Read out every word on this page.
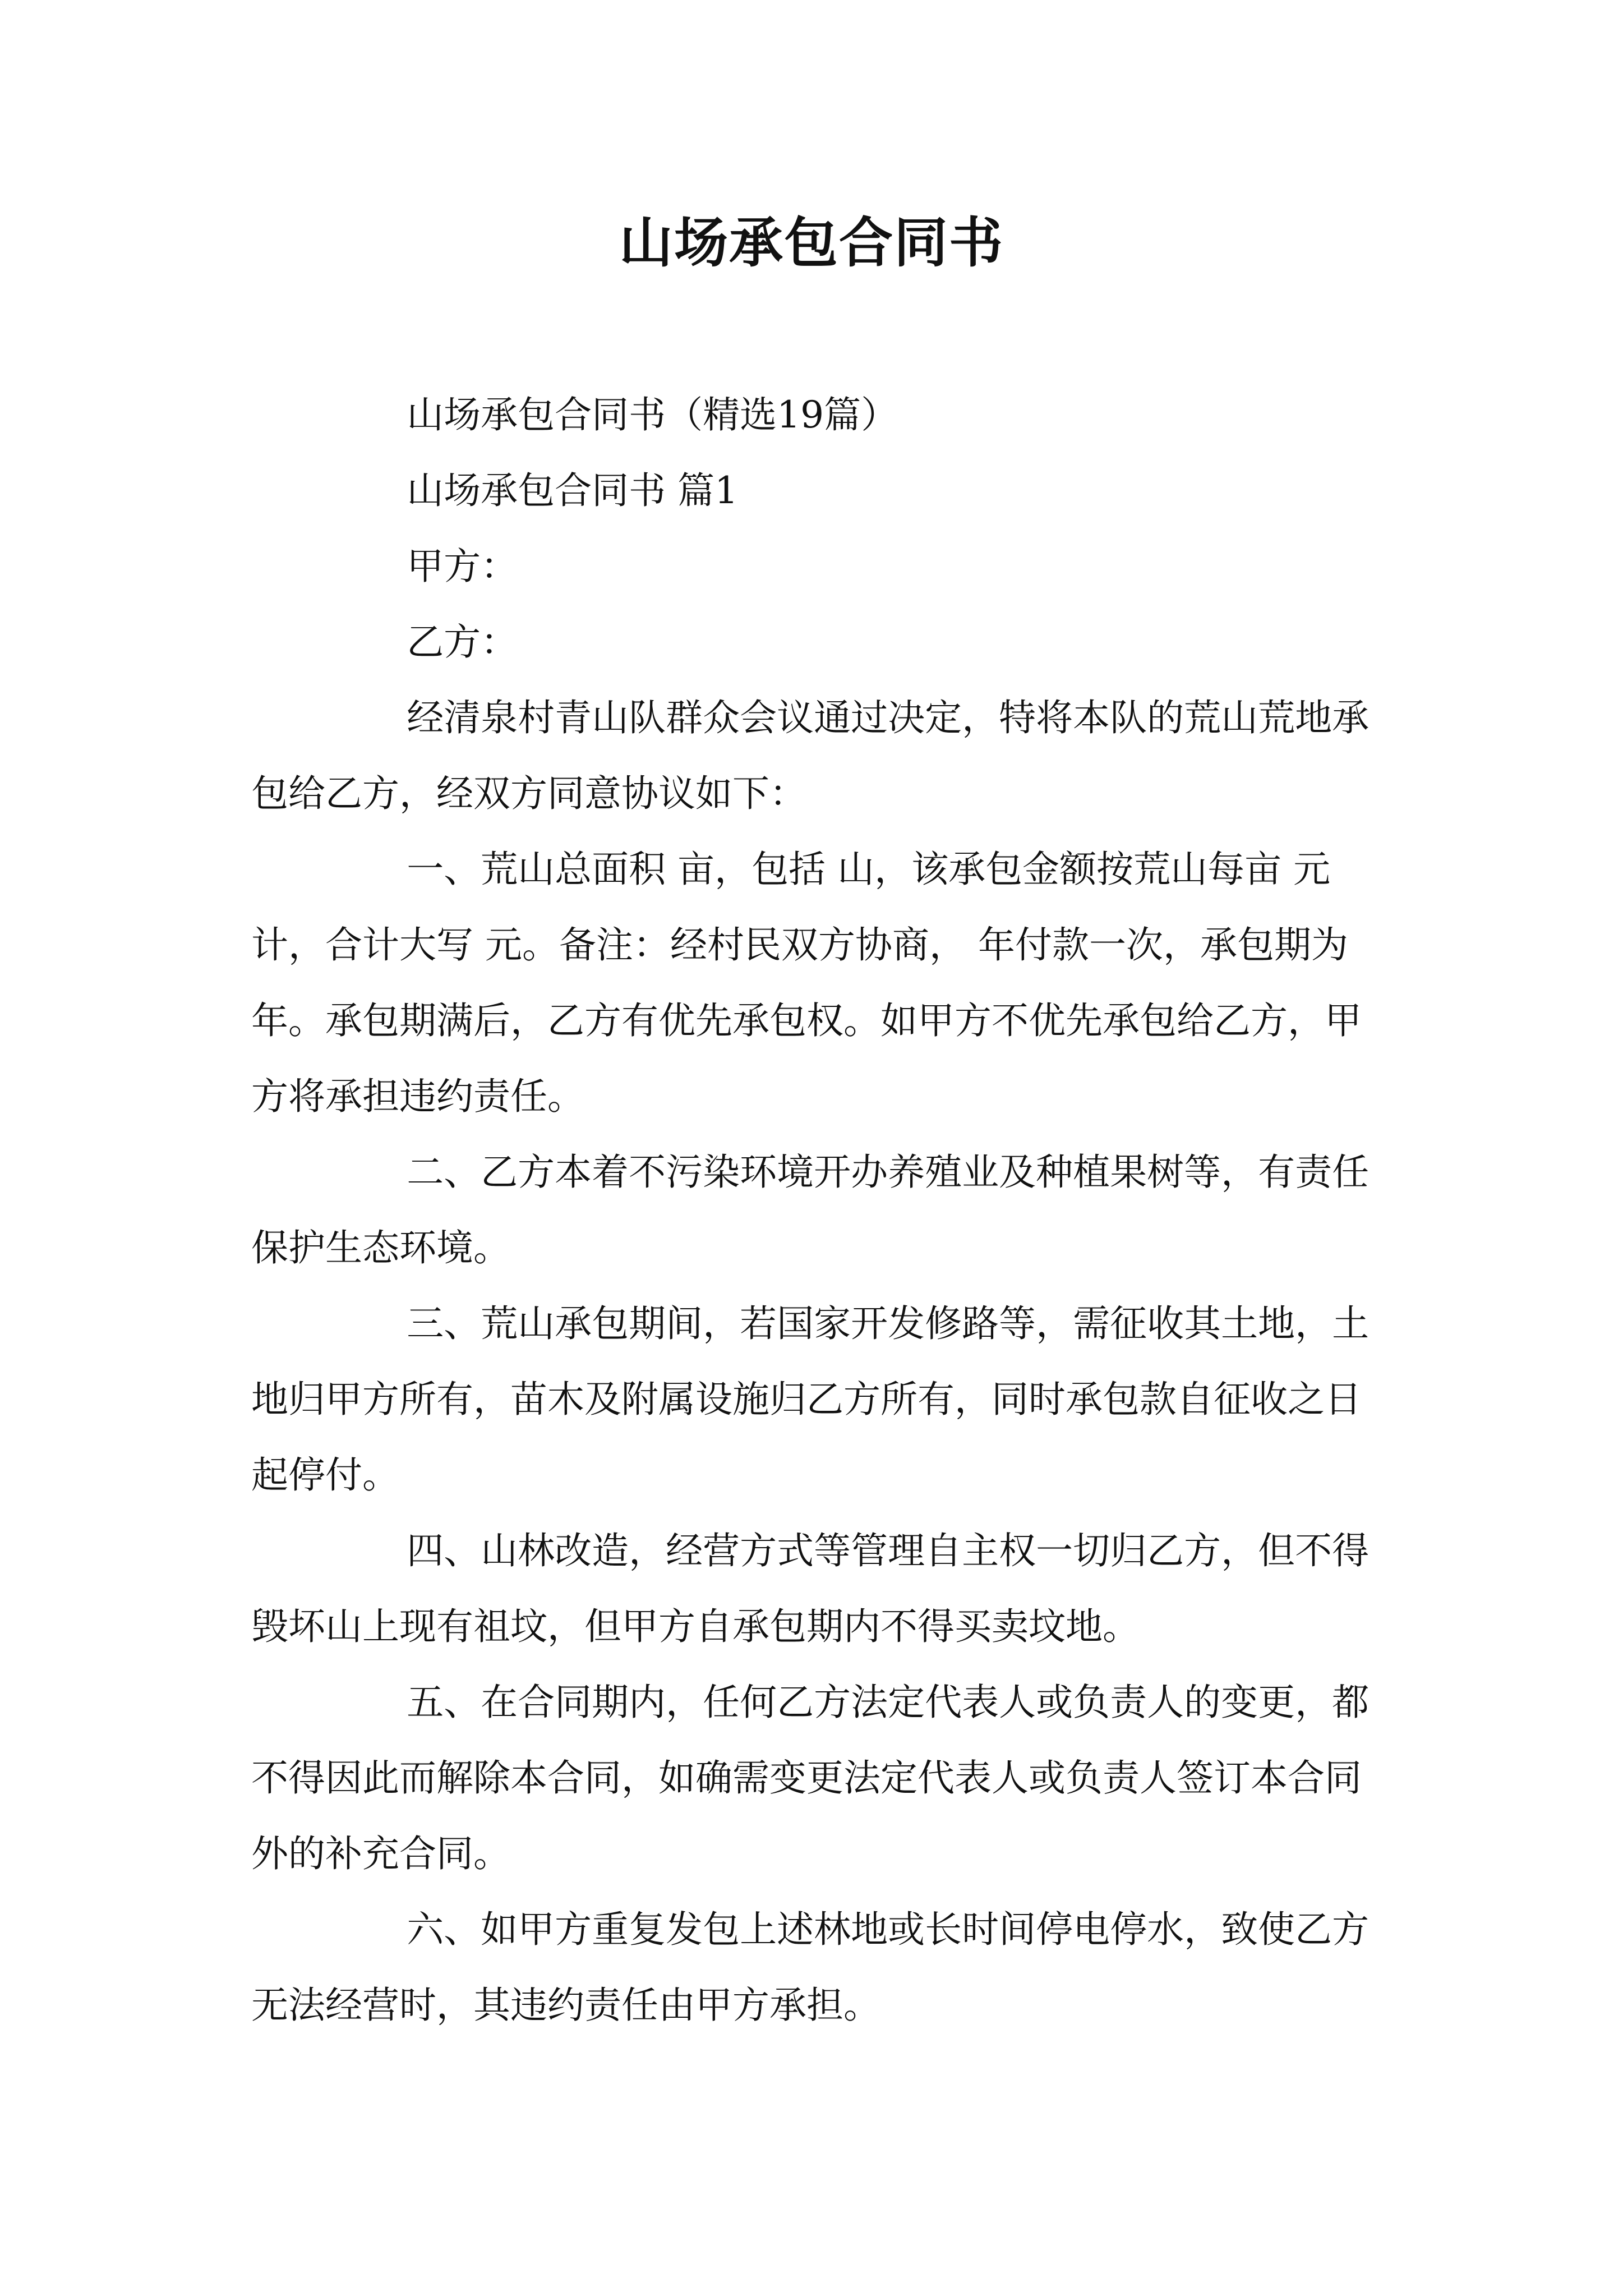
山场承包合同书

山场承包合同书（精选19篇）

山场承包合同书 篇1

甲方：

乙方：

经清泉村青山队群众会议通过决定，特将本队的荒山荒地承包给乙方，经双方同意协议如下：

一、荒山总面积 亩，包括 山，该承包金额按荒山每亩 元计，合计大写 元。备注：经村民双方协商， 年付款一次，承包期为 年。承包期满后，乙方有优先承包权。如甲方不优先承包给乙方，甲方将承担违约责任。

二、乙方本着不污染环境开办养殖业及种植果树等，有责任保护生态环境。

三、荒山承包期间，若国家开发修路等，需征收其土地，土地归甲方所有，苗木及附属设施归乙方所有，同时承包款自征收之日起停付。

四、山林改造，经营方式等管理自主权一切归乙方，但不得毁坏山上现有祖坟，但甲方自承包期内不得买卖坟地。

五、在合同期内，任何乙方法定代表人或负责人的变更，都不得因此而解除本合同，如确需变更法定代表人或负责人签订本合同外的补充合同。

六、如甲方重复发包上述林地或长时间停电停水，致使乙方无法经营时，其违约责任由甲方承担。
